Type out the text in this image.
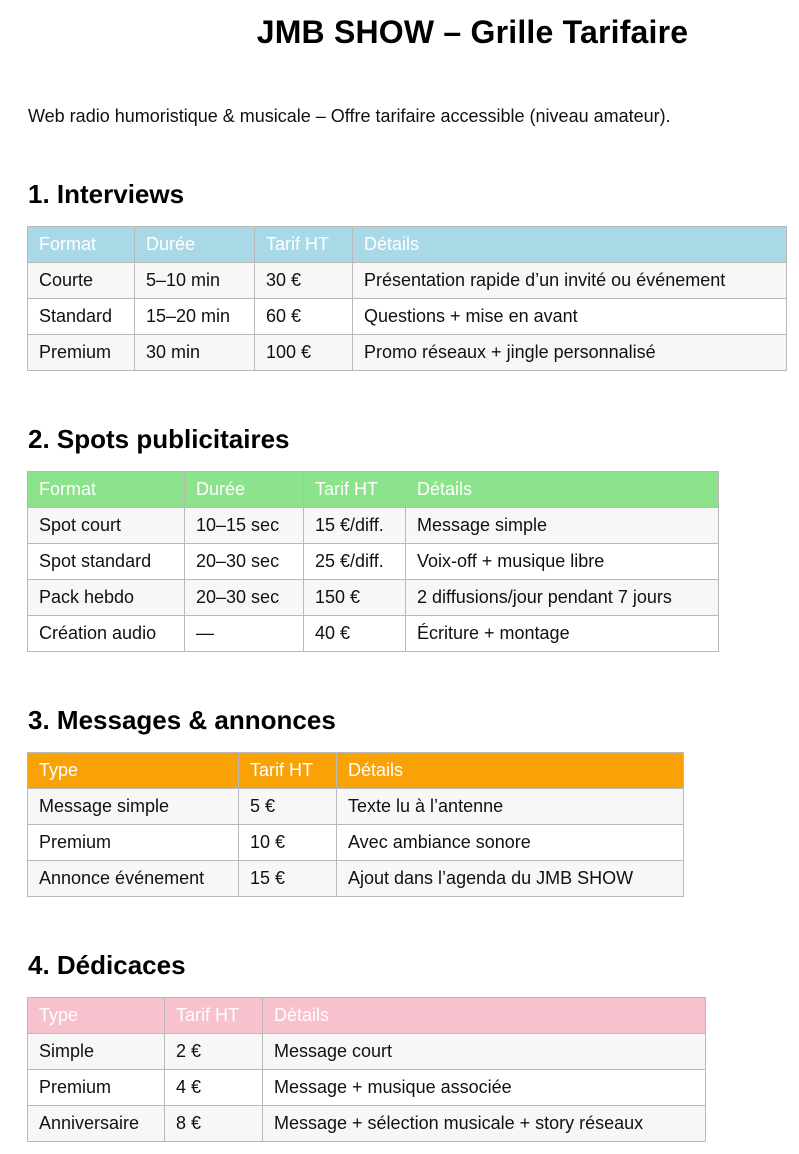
JMB SHOW – Grille Tarifaire

Web radio humoristique & musicale – Offre tarifaire accessible (niveau amateur).

1. Interviews
Format	Durée	Tarif HT	Détails
Courte	5–10 min	30 €	Présentation rapide d’un invité ou événement
Standard	15–20 min	60 €	Questions + mise en avant
Premium	30 min	100 €	Promo réseaux + jingle personnalisé
2. Spots publicitaires
Format	Durée	Tarif HT	Détails
Spot court	10–15 sec	15 €/diff.	Message simple
Spot standard	20–30 sec	25 €/diff.	Voix-off + musique libre
Pack hebdo	20–30 sec	150 €	2 diffusions/jour pendant 7 jours
Création audio	—	40 €	Écriture + montage
3. Messages & annonces
Type	Tarif HT	Détails
Message simple	5 €	Texte lu à l’antenne
Premium	10 €	Avec ambiance sonore
Annonce événement	15 €	Ajout dans l’agenda du JMB SHOW
4. Dédicaces
Type	Tarif HT	Détails
Simple	2 €	Message court
Premium	4 €	Message + musique associée
Anniversaire	8 €	Message + sélection musicale + story réseaux
